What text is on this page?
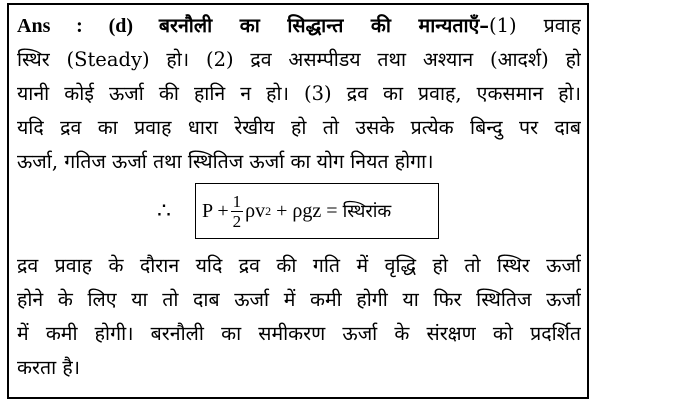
Ans : (d) बरनौली का सिद्धान्त की मान्यताएँ–(1) प्रवाह
स्थिर (Steady) हो। (2) द्रव असम्पीडय तथा अश्यान (आदर्श) हो
यानी कोई ऊर्जा की हानि न हो। (3) द्रव का प्रवाह, एकसमान हो।
यदि द्रव का प्रवाह धारा रेखीय हो तो उसके प्रत्येक बिन्दु पर दाब
ऊर्जा, गतिज ऊर्जा तथा स्थितिज ऊर्जा का योग नियत होगा।
∴ $P + \frac{1}{2}$ ρv 2 + ρgz = स्थिरांक
द्रव प्रवाह के दौरान यदि द्रव की गति में वृद्धि हो तो स्थिर ऊर्जा
होने के लिए या तो दाब ऊर्जा में कमी होगी या फिर स्थितिज ऊर्जा
में कमी होगी। बरनौली का समीकरण ऊर्जा के संरक्षण को प्रदर्शित
करता है।
